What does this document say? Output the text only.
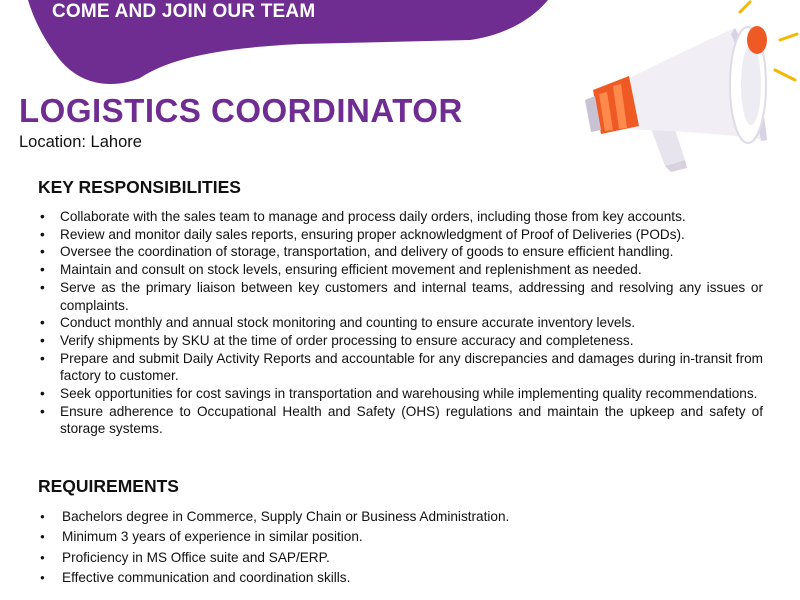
COME AND JOIN OUR TEAM
LOGISTICS COORDINATOR
Location: Lahore
KEY RESPONSIBILITIES
• Collaborate with the sales team to manage and process daily orders, including those from key accounts.
• Review and monitor daily sales reports, ensuring proper acknowledgment of Proof of Deliveries (PODs).
• Oversee the coordination of storage, transportation, and delivery of goods to ensure efficient handling.
• Maintain and consult on stock levels, ensuring efficient movement and replenishment as needed.
• Serve as the primary liaison between key customers and internal teams, addressing and resolving any issues or complaints.
• Conduct monthly and annual stock monitoring and counting to ensure accurate inventory levels.
• Verify shipments by SKU at the time of order processing to ensure accuracy and completeness.
• Prepare and submit Daily Activity Reports and accountable for any discrepancies and damages during in-transit from factory to customer.
• Seek opportunities for cost savings in transportation and warehousing while implementing quality recommendations.
• Ensure adherence to Occupational Health and Safety (OHS) regulations and maintain the upkeep and safety of storage systems.
REQUIREMENTS
● Bachelors degree in Commerce, Supply Chain or Business Administration.
● Minimum 3 years of experience in similar position.
● Proficiency in MS Office suite and SAP/ERP.
● Effective communication and coordination skills.
